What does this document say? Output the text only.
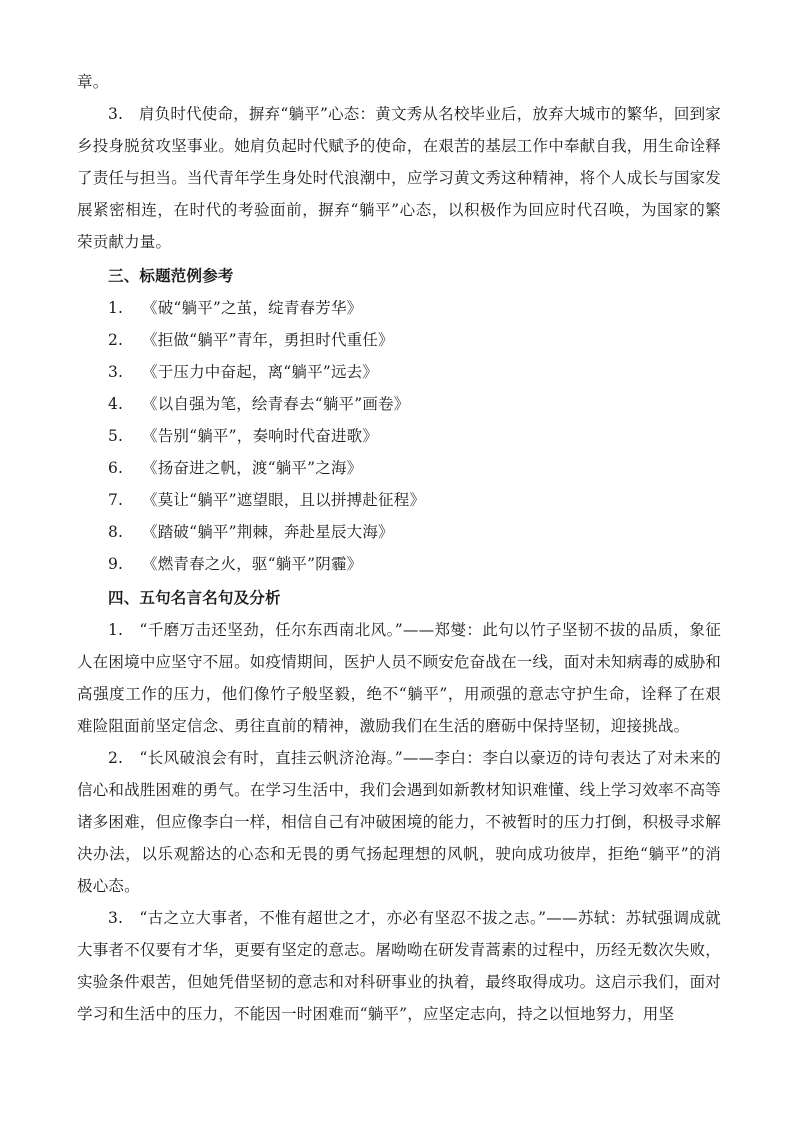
章。

3.　肩负时代使命，摒弃“躺平”心态：黄文秀从名校毕业后，放弃大城市的繁华，回到家乡投身脱贫攻坚事业。她肩负起时代赋予的使命，在艰苦的基层工作中奉献自我，用生命诠释了责任与担当。当代青年学生身处时代浪潮中，应学习黄文秀这种精神，将个人成长与国家发展紧密相连，在时代的考验面前，摒弃“躺平”心态，以积极作为回应时代召唤，为国家的繁荣贡献力量。

三、标题范例参考

1.	《破“躺平”之茧，绽青春芳华》

2.	《拒做“躺平”青年，勇担时代重任》

3.	《于压力中奋起，离“躺平”远去》

4.	《以自强为笔，绘青春去“躺平”画卷》

5.	《告别“躺平”，奏响时代奋进歌》

6.	《扬奋进之帆，渡“躺平”之海》

7.	《莫让“躺平”遮望眼，且以拼搏赴征程》

8.	《踏破“躺平”荆棘，奔赴星辰大海》

9.	《燃青春之火，驱“躺平”阴霾》

四、五句名言名句及分析

1.　“千磨万击还坚劲，任尔东西南北风。”——郑燮：此句以竹子坚韧不拔的品质，象征人在困境中应坚守不屈。如疫情期间，医护人员不顾安危奋战在一线，面对未知病毒的威胁和高强度工作的压力，他们像竹子般坚毅，绝不“躺平”，用顽强的意志守护生命，诠释了在艰难险阻面前坚定信念、勇往直前的精神，激励我们在生活的磨砺中保持坚韧，迎接挑战。

2.　“长风破浪会有时，直挂云帆济沧海。”——李白：李白以豪迈的诗句表达了对未来的信心和战胜困难的勇气。在学习生活中，我们会遇到如新教材知识难懂、线上学习效率不高等诸多困难，但应像李白一样，相信自己有冲破困境的能力，不被暂时的压力打倒，积极寻求解决办法，以乐观豁达的心态和无畏的勇气扬起理想的风帆，驶向成功彼岸，拒绝“躺平”的消极心态。

3.　“古之立大事者，不惟有超世之才，亦必有坚忍不拔之志。”——苏轼：苏轼强调成就大事者不仅要有才华，更要有坚定的意志。屠呦呦在研发青蒿素的过程中，历经无数次失败，实验条件艰苦，但她凭借坚韧的意志和对科研事业的执着，最终取得成功。这启示我们，面对学习和生活中的压力，不能因一时困难而“躺平”，应坚定志向，持之以恒地努力，用坚
